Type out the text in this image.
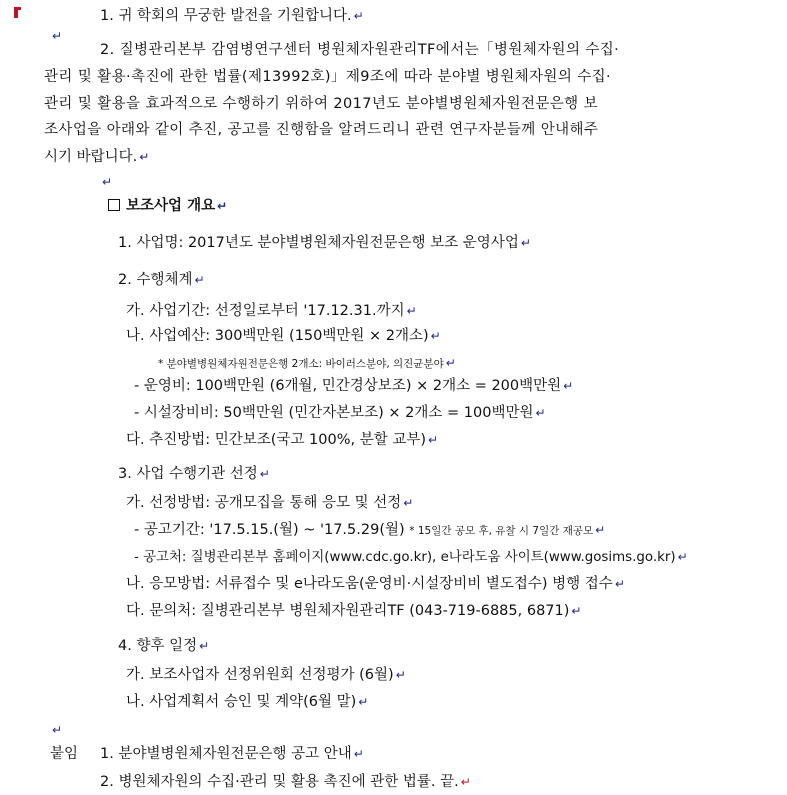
1. 귀 학회의 무궁한 발전을 기원합니다. ↵
↵
2. 질병관리본부 감염병연구센터 병원체자원관리TF에서는「병원체자원의 수집·
관리 및 활용·촉진에 관한 법률(제13992호)」제9조에 따라 분야별 병원체자원의 수집·
관리 및 활용을 효과적으로 수행하기 위하여 2017년도 분야별병원체자원전문은행 보
조사업을 아래와 같이 추진, 공고를 진행함을 알려드리니 관련 연구자분들께 안내해주
시기 바랍니다. ↵
↵
보조사업 개요 ↵
1. 사업명: 2017년도 분야별병원체자원전문은행 보조 운영사업 ↵
2. 수행체계 ↵
가. 사업기간: 선정일로부터 '17.12.31.까지 ↵
나. 사업예산: 300백만원 (150백만원 × 2개소) ↵
* 분야별병원체자원전문은행 2개소: 바이러스분야, 의진균분야 ↵
- 운영비: 100백만원 (6개월, 민간경상보조) × 2개소 = 200백만원 ↵
- 시설장비비: 50백만원 (민간자본보조) × 2개소 = 100백만원 ↵
다. 추진방법: 민간보조(국고 100%, 분할 교부) ↵
3. 사업 수행기관 선정 ↵
가. 선정방법: 공개모집을 통해 응모 및 선정 ↵
- 공고기간: '17.5.15.(월) ~ '17.5.29(월) * 15일간 공모 후, 유찰 시 7일간 재공모 ↵
- 공고처: 질병관리본부 홈페이지(www.cdc.go.kr), e나라도움 사이트(www.gosims.go.kr) ↵
나. 응모방법: 서류접수 및 e나라도움(운영비·시설장비비 별도접수) 병행 접수 ↵
다. 문의처: 질병관리본부 병원체자원관리TF (043-719-6885, 6871) ↵
4. 향후 일정 ↵
가. 보조사업자 선정위원회 선정평가 (6월) ↵
나. 사업계획서 승인 및 계약(6월 말) ↵
↵
붙임 1. 분야별병원체자원전문은행 공고 안내 ↵
2. 병원체자원의 수집·관리 및 활용 촉진에 관한 법률. 끝. ↵
